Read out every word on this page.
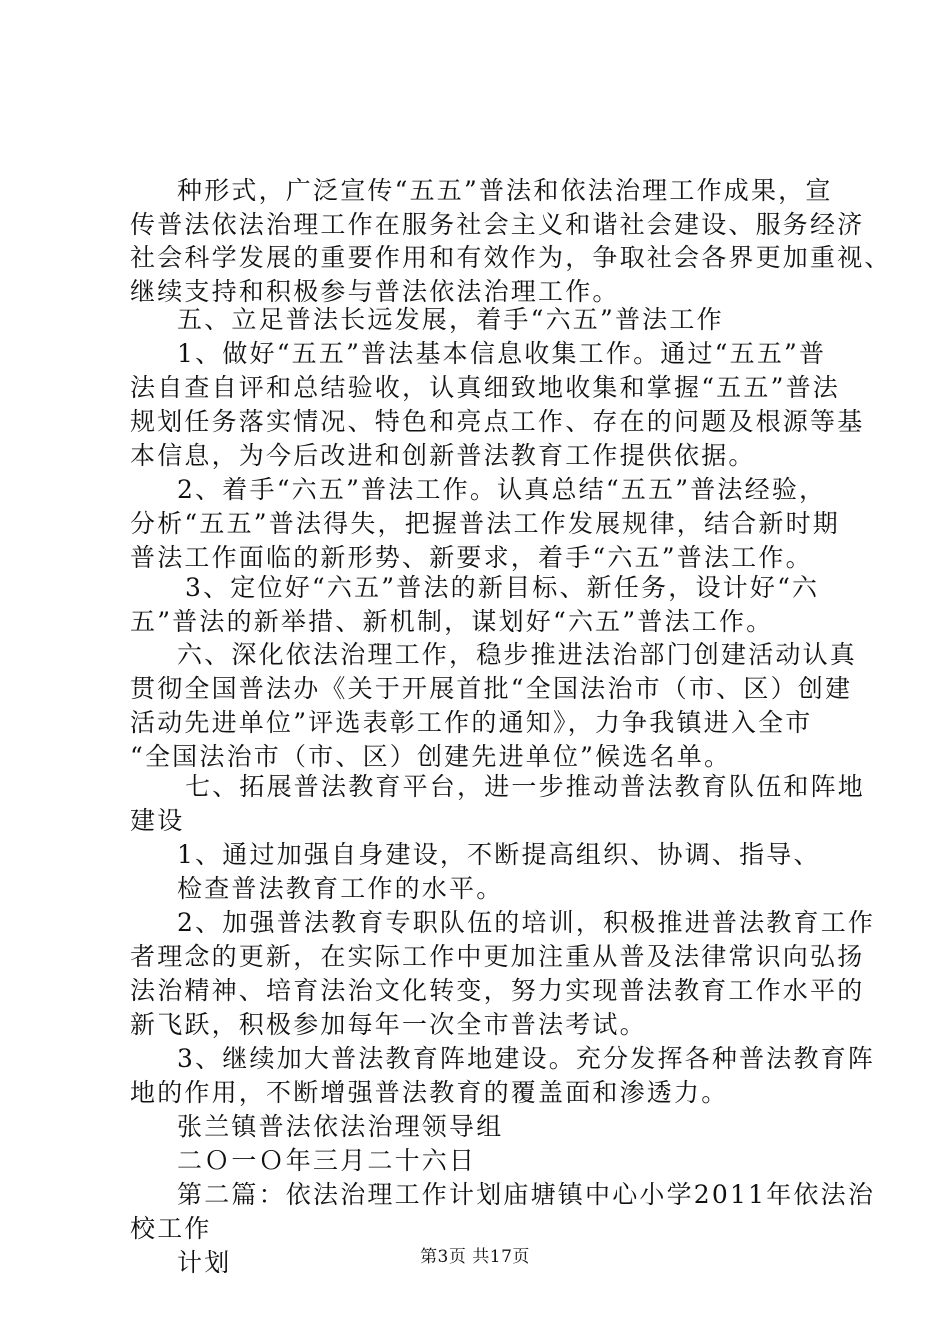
种形式，广泛宣传“五五”普法和依法治理工作成果，宣
传普法依法治理工作在服务社会主义和谐社会建设、服务经济
社会科学发展的重要作用和有效作为，争取社会各界更加重视、
继续支持和积极参与普法依法治理工作。
五、立足普法长远发展，着手“六五”普法工作
1、做好“五五”普法基本信息收集工作。通过“五五”普
法自查自评和总结验收，认真细致地收集和掌握“五五”普法
规划任务落实情况、特色和亮点工作、存在的问题及根源等基
本信息，为今后改进和创新普法教育工作提供依据。
2、着手“六五”普法工作。认真总结“五五”普法经验，
分析“五五”普法得失，把握普法工作发展规律，结合新时期
普法工作面临的新形势、新要求，着手“六五”普法工作。
3、定位好“六五”普法的新目标、新任务，设计好“六
五”普法的新举措、新机制，谋划好“六五”普法工作。
六、深化依法治理工作，稳步推进法治部门创建活动认真
贯彻全国普法办《关于开展首批“全国法治市（市、区）创建
活动先进单位”评选表彰工作的通知》，力争我镇进入全市
“全国法治市（市、区）创建先进单位”候选名单。
七、拓展普法教育平台，进一步推动普法教育队伍和阵地
建设
1、通过加强自身建设，不断提高组织、协调、指导、
检查普法教育工作的水平。
2、加强普法教育专职队伍的培训，积极推进普法教育工作
者理念的更新，在实际工作中更加注重从普及法律常识向弘扬
法治精神、培育法治文化转变，努力实现普法教育工作水平的
新飞跃，积极参加每年一次全市普法考试。
3、继续加大普法教育阵地建设。充分发挥各种普法教育阵
地的作用，不断增强普法教育的覆盖面和渗透力。
张兰镇普法依法治理领导组
二Ｏ一Ｏ年三月二十六日
第二篇：依法治理工作计划庙塘镇中心小学2011年依法治
校工作
计划	第3页 共17页
